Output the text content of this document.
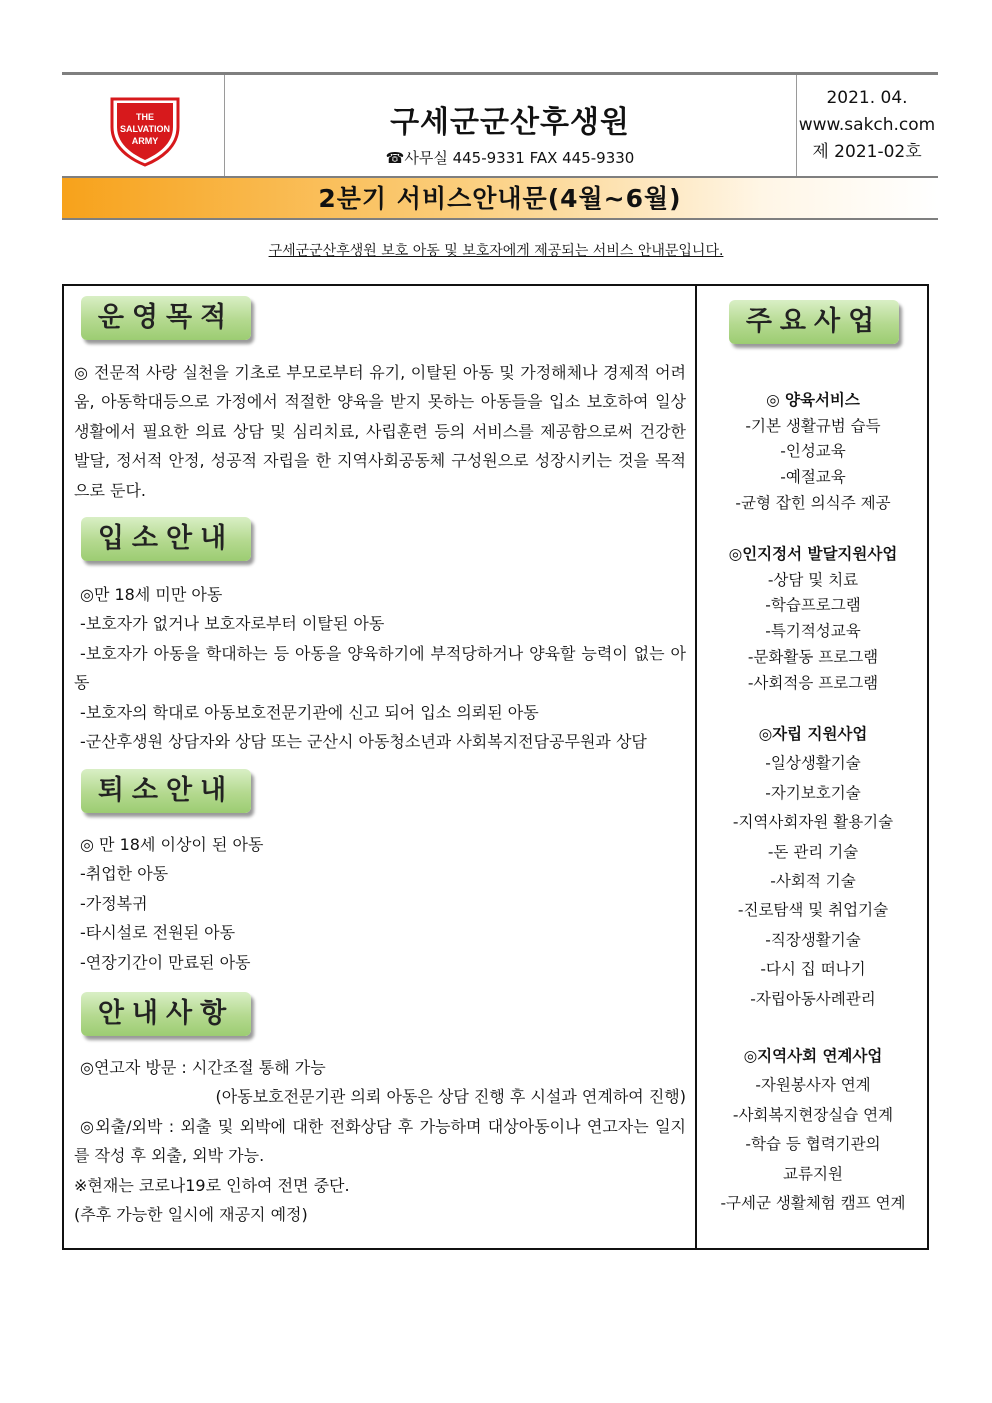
THE
SALVATION
ARMY
구세군군산후생원
☎사무실 445-9331 FAX 445-9330
2021. 04.
www.sakch.com
제 2021-02호
2분기 서비스안내문(4월~6월)
구세군군산후생원 보호 아동 및 보호자에게 제공되는 서비스 안내문입니다.
운영목적
◎ 전문적 사랑 실천을 기초로 부모로부터 유기, 이탈된 아동 및 가정해체나 경제적 어려움, 아동학대등으로 가정에서 적절한 양육을 받지 못하는 아동들을 입소 보호하여 일상생활에서 필요한 의료 상담 및 심리치료, 사립훈련 등의 서비스를 제공함으로써 건강한 발달, 정서적 안정, 성공적 자립을 한 지역사회공동체 구성원으로 성장시키는 것을 목적으로 둔다.
입소안내
◎만 18세 미만 아동
-보호자가 없거나 보호자로부터 이탈된 아동
-보호자가 아동을 학대하는 등 아동을 양육하기에 부적당하거나 양육할 능력이 없는 아동
-보호자의 학대로 아동보호전문기관에 신고 되어 입소 의뢰된 아동
-군산후생원 상담자와 상담 또는 군산시 아동청소년과 사회복지전담공무원과 상담
퇴소안내
◎ 만 18세 이상이 된 아동
-취업한 아동
-가정복귀
-타시설로 전원된 아동
-연장기간이 만료된 아동
안내사항
◎연고자 방문 : 시간조절 통해 가능
(아동보호전문기관 의뢰 아동은 상담 진행 후 시설과 연계하여 진행)
◎외출/외박 : 외출 및 외박에 대한 전화상담 후 가능하며 대상아동이나 연고자는 일지를 작성 후 외출, 외박 가능.
※현재는 코로나19로 인하여 전면 중단.
(추후 가능한 일시에 재공지 예정)
주요사업
◎ 양육서비스
-기본 생활규범 습득
-인성교육
-예절교육
-균형 잡힌 의식주 제공
◎인지정서 발달지원사업
-상담 및 치료
-학습프로그램
-특기적성교육
-문화활동 프로그램
-사회적응 프로그램
◎자립 지원사업
-일상생활기술
-자기보호기술
-지역사회자원 활용기술
-돈 관리 기술
-사회적 기술
-진로탐색 및 취업기술
-직장생활기술
-다시 집 떠나기
-자립아동사례관리
◎지역사회 연계사업
-자원봉사자 연계
-사회복지현장실습 연계
-학습 등 협력기관의
교류지원
-구세군 생활체험 캠프 연계
